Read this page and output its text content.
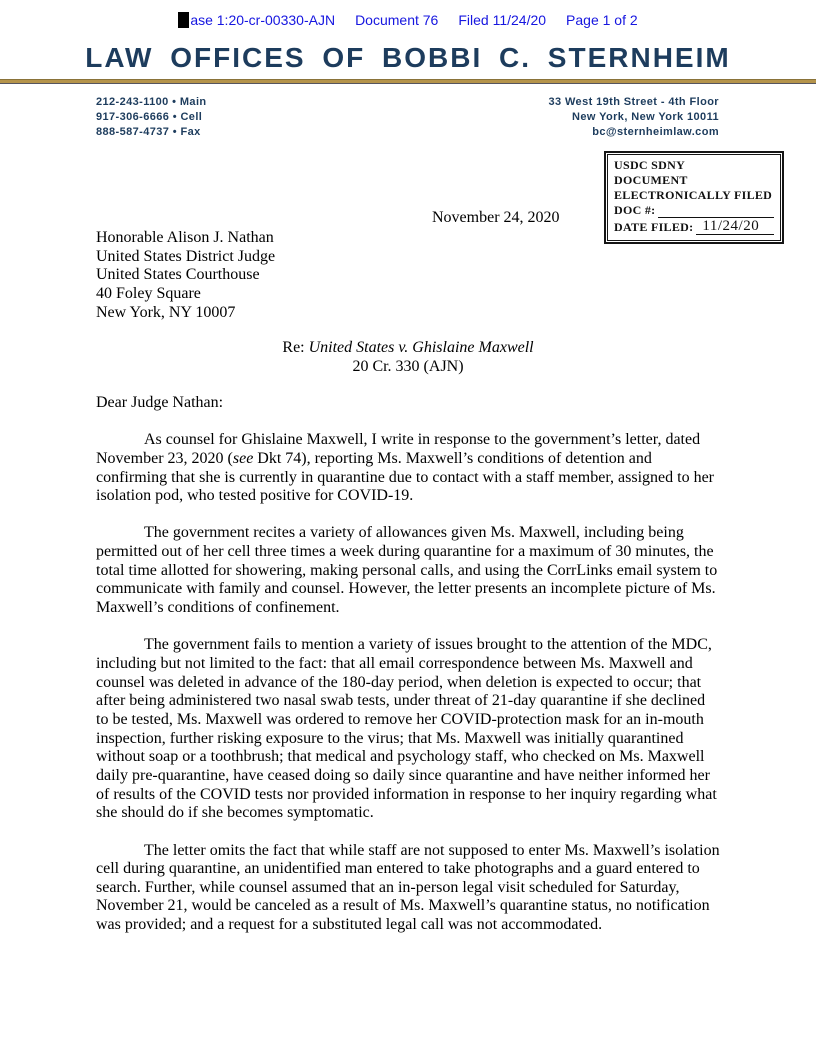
ase 1:20-cr-00330-AJN Document 76 Filed 11/24/20 Page 1 of 2
LAW OFFICES OF BOBBI C. STERNHEIM
212-243-1100 • Main
917-306-6666 • Cell
888-587-4737 • Fax
33 West 19th Street - 4th Floor
New York, New York 10011
bc@sternheimlaw.com
USDC SDNY
DOCUMENT
ELECTRONICALLY FILED
DOC #:
DATE FILED: 11/24/20
November 24, 2020
Honorable Alison J. Nathan
United States District Judge
United States Courthouse
40 Foley Square
New York, NY 10007
Re: United States v. Ghislaine Maxwell
20 Cr. 330 (AJN)

Dear Judge Nathan:

As counsel for Ghislaine Maxwell, I write in response to the government’s letter, dated November 23, 2020 (see Dkt 74), reporting Ms. Maxwell’s conditions of detention and confirming that she is currently in quarantine due to contact with a staff member, assigned to her isolation pod, who tested positive for COVID-19.

The government recites a variety of allowances given Ms. Maxwell, including being permitted out of her cell three times a week during quarantine for a maximum of 30 minutes, the total time allotted for showering, making personal calls, and using the CorrLinks email system to communicate with family and counsel. However, the letter presents an incomplete picture of Ms. Maxwell’s conditions of confinement.

The government fails to mention a variety of issues brought to the attention of the MDC, including but not limited to the fact: that all email correspondence between Ms. Maxwell and counsel was deleted in advance of the 180-day period, when deletion is expected to occur; that after being administered two nasal swab tests, under threat of 21-day quarantine if she declined to be tested, Ms. Maxwell was ordered to remove her COVID-protection mask for an in-mouth inspection, further risking exposure to the virus; that Ms. Maxwell was initially quarantined without soap or a toothbrush; that medical and psychology staff, who checked on Ms. Maxwell daily pre-quarantine, have ceased doing so daily since quarantine and have neither informed her of results of the COVID tests nor provided information in response to her inquiry regarding what she should do if she becomes symptomatic.

The letter omits the fact that while staff are not supposed to enter Ms. Maxwell’s isolation cell during quarantine, an unidentified man entered to take photographs and a guard entered to search. Further, while counsel assumed that an in-person legal visit scheduled for Saturday, November 21, would be canceled as a result of Ms. Maxwell’s quarantine status, no notification was provided; and a request for a substituted legal call was not accommodated.
